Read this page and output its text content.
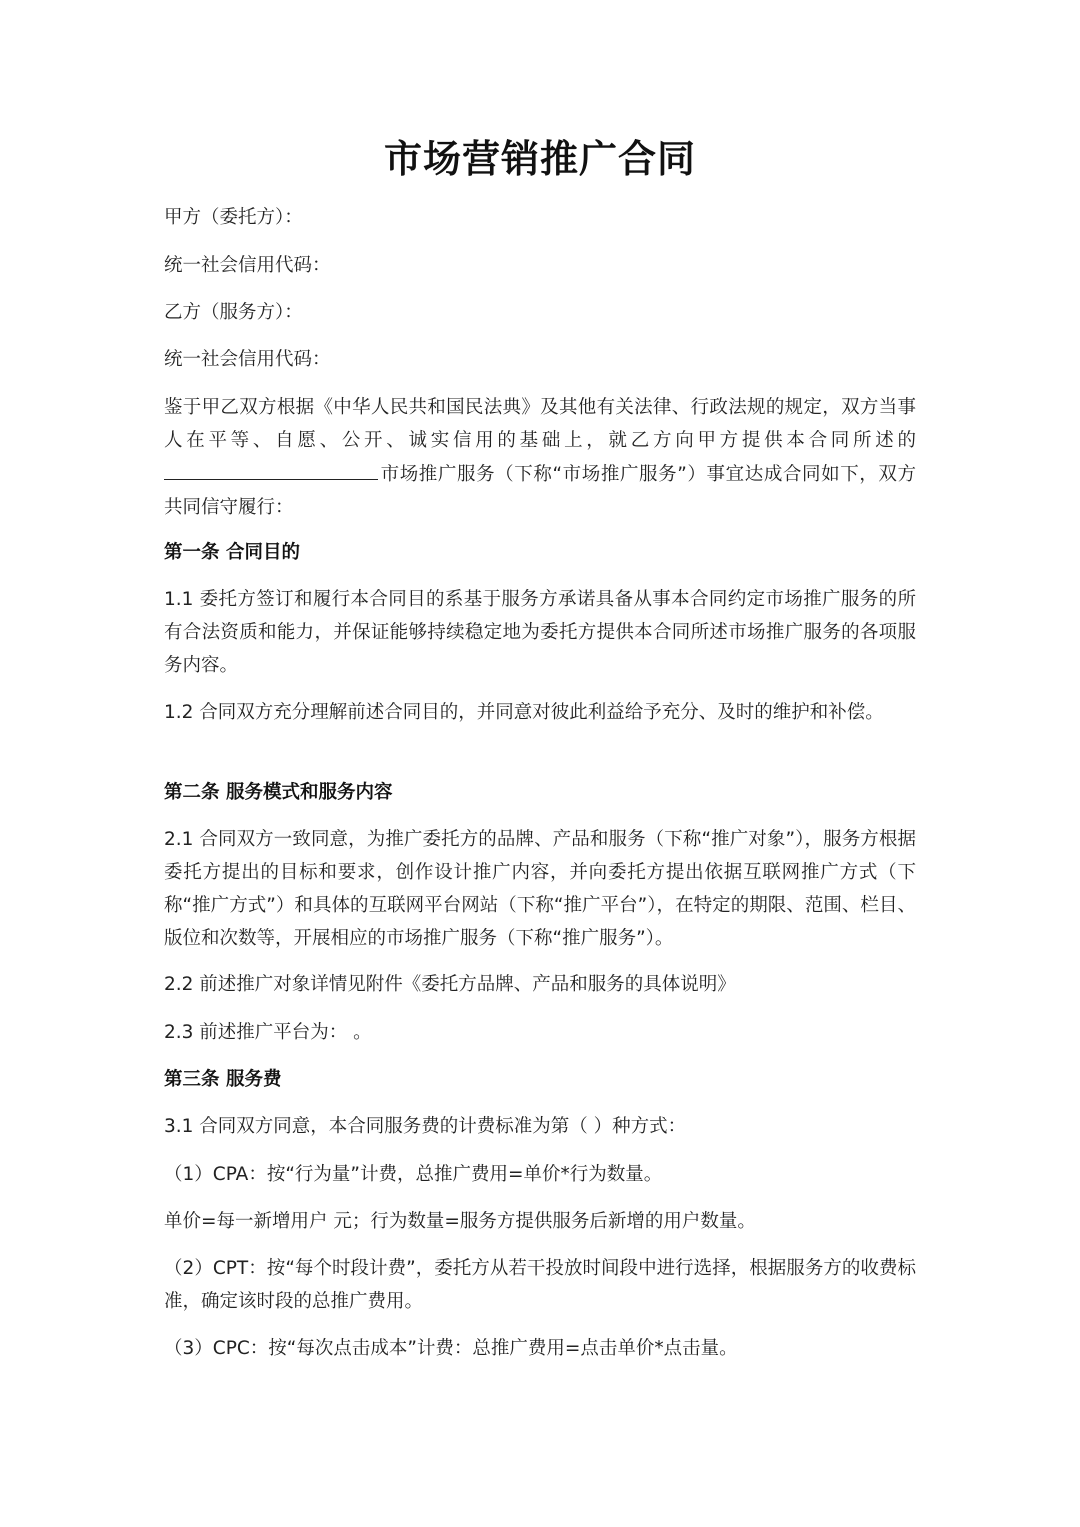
市场营销推广合同

甲方（委托方）：

统一社会信用代码：

乙方（服务方）：

统一社会信用代码：

鉴于甲乙双方根据《中华人民共和国民法典》及其他有关法律、行政法规的规定，双方当事人在平等、自愿、公开、诚实信用的基础上，就乙方向甲方提供本合同所述的市场推广服务（下称“市场推广服务”）事宜达成合同如下，双方共同信守履行：

第一条 合同目的

1.1 委托方签订和履行本合同目的系基于服务方承诺具备从事本合同约定市场推广服务的所有合法资质和能力，并保证能够持续稳定地为委托方提供本合同所述市场推广服务的各项服务内容。

1.2 合同双方充分理解前述合同目的，并同意对彼此利益给予充分、及时的维护和补偿。

第二条 服务模式和服务内容

2.1 合同双方一致同意，为推广委托方的品牌、产品和服务（下称“推广对象”），服务方根据委托方提出的目标和要求，创作设计推广内容，并向委托方提出依据互联网推广方式（下称“推广方式”）和具体的互联网平台网站（下称“推广平台”），在特定的期限、范围、栏目、版位和次数等，开展相应的市场推广服务（下称“推广服务”）。

2.2 前述推广对象详情见附件《委托方品牌、产品和服务的具体说明》

2.3 前述推广平台为： 。

第三条 服务费

3.1 合同双方同意，本合同服务费的计费标准为第（ ）种方式：

（1）CPA：按“行为量”计费，总推广费用=单价*行为数量。

单价=每一新增用户 元；行为数量=服务方提供服务后新增的用户数量。

（2）CPT：按“每个时段计费”，委托方从若干投放时间段中进行选择，根据服务方的收费标准，确定该时段的总推广费用。

（3）CPC：按“每次点击成本”计费：总推广费用=点击单价*点击量。
